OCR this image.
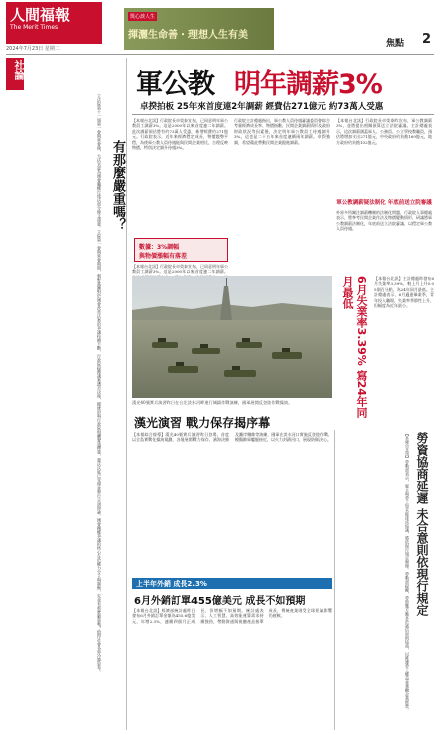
人間福報
The Merit Times
2024年7月23日 星期二
獎心談人生
揮灑生命善・理想人生有美
焦點 2
社論
立法院第十一屆第一會期延會後，大法官認為國會職權行使法部分條文違憲。立院第一會期延會期間，朝野黨團對於國會改革法案的爭議持續不斷，行政院提覆議案遭否決後，總統府與行政院相繼聲請釋憲，憲法法庭已受理並舉行言詞辯論。國會擴權爭議的核心在於權力分立與制衡，究竟有那麼嚴重嗎？值得社會各界冷靜思考。 有那麼嚴重嗎？
軍公教 明年調薪3%
卓揆拍板 25年來首度連2年調薪 經費估271億元 約73萬人受惠
【本報台北訊】行政院長卓榮泰宣布，已同意明年軍公教員工調薪3%。這是2000年以來首度連二年調薪。此次調薪預估將有約73萬人受惠，新增經費約271億元。行政院表示，近年來經濟穩定成長，物價趨勢平穩，為使軍公教人員待遇能與民間企業相比，合理反映物價，特別決定調升待遇3%。
行政院主計總處指出，軍公教人員待遇審議委員會綜合考量經濟成長率、物價指數、民間企業調薪情形及政府財政狀況等因素後，決定明年軍公教員工待遇調升3%。這也是二十五年來首度連續兩年調薪。卓揆強調，希望藉此帶動民間企業跟進調薪。
【本報台北訊】行政院長卓榮泰昨宣布，軍公教調薪3%，並將提出相關預算送立法院審議。主計總處表示，這次調薪涵蓋軍人、公務員、公立學校教職員，預估將增加支出271億元，中央政府約負擔169億元，地方政府約負擔102億元。
數據：3%調幅
與物價漲幅有落差
【本報台北訊】行政院長卓榮泰宣布，已同意明年軍公教員工調薪3%。這是2000年以來首度連二年調薪。
軍公教調薪疑法制化 年底前送立院審議
外界多所關注調薪機制的法制化問題，行政院人事總處表示，將參考民間企業作法及物價變動情形，研議將軍公教調薪法制化，年底前送立法院審議，以穩定軍公教人員待遇。
漢光40號實兵演習昨日在台北淡水河畔進行城鎮作戰演練，國軍展開反登陸作戰操演。	6月失業率3.39% 寫24年同月最低	【本報台北訊】主計總處昨發布6月失業率3.39%，較上月上升0.05個百分點，為24年同月最低。主計總處表示，6月適逢畢業季，青年投入職場，失業率季節性上升，但幅度為近年最小。
漢光演習 戰力保存揭序幕
【本報綜合報導】漢光40號實兵演習昨日登場，首度以全島實戰化操演規劃，各地展開戰力保存、濱海決勝及灘岸殲敵等演練，國軍在淡水河口實施反登陸作戰，模擬敵軍艦艇接近，以火力封鎖河口，展現防衛決心。	勞資協商延遲 未合意則依現行規定
【本報台北訊】勞動部表示，雇主與勞工如未能達成協議，將依現行規定辦理。勞動部提醒，勞資雙方應本於誠信原則協商，以維護勞工權益並兼顧企業經營。
上半年外銷 成長2.3%
6月外銷訂單455億美元 成長不如預期
【本報台北訊】經濟部統計處昨日發布6月外銷訂單金額為455.6億美元，年增2.3%，連續四個月正成長，但增幅不如預期。統計處表示，人工智慧、高效能運算需求持續強勁，帶動資通與視聽產品接單成長，傳統產業則受全球景氣影響仍疲軟。
